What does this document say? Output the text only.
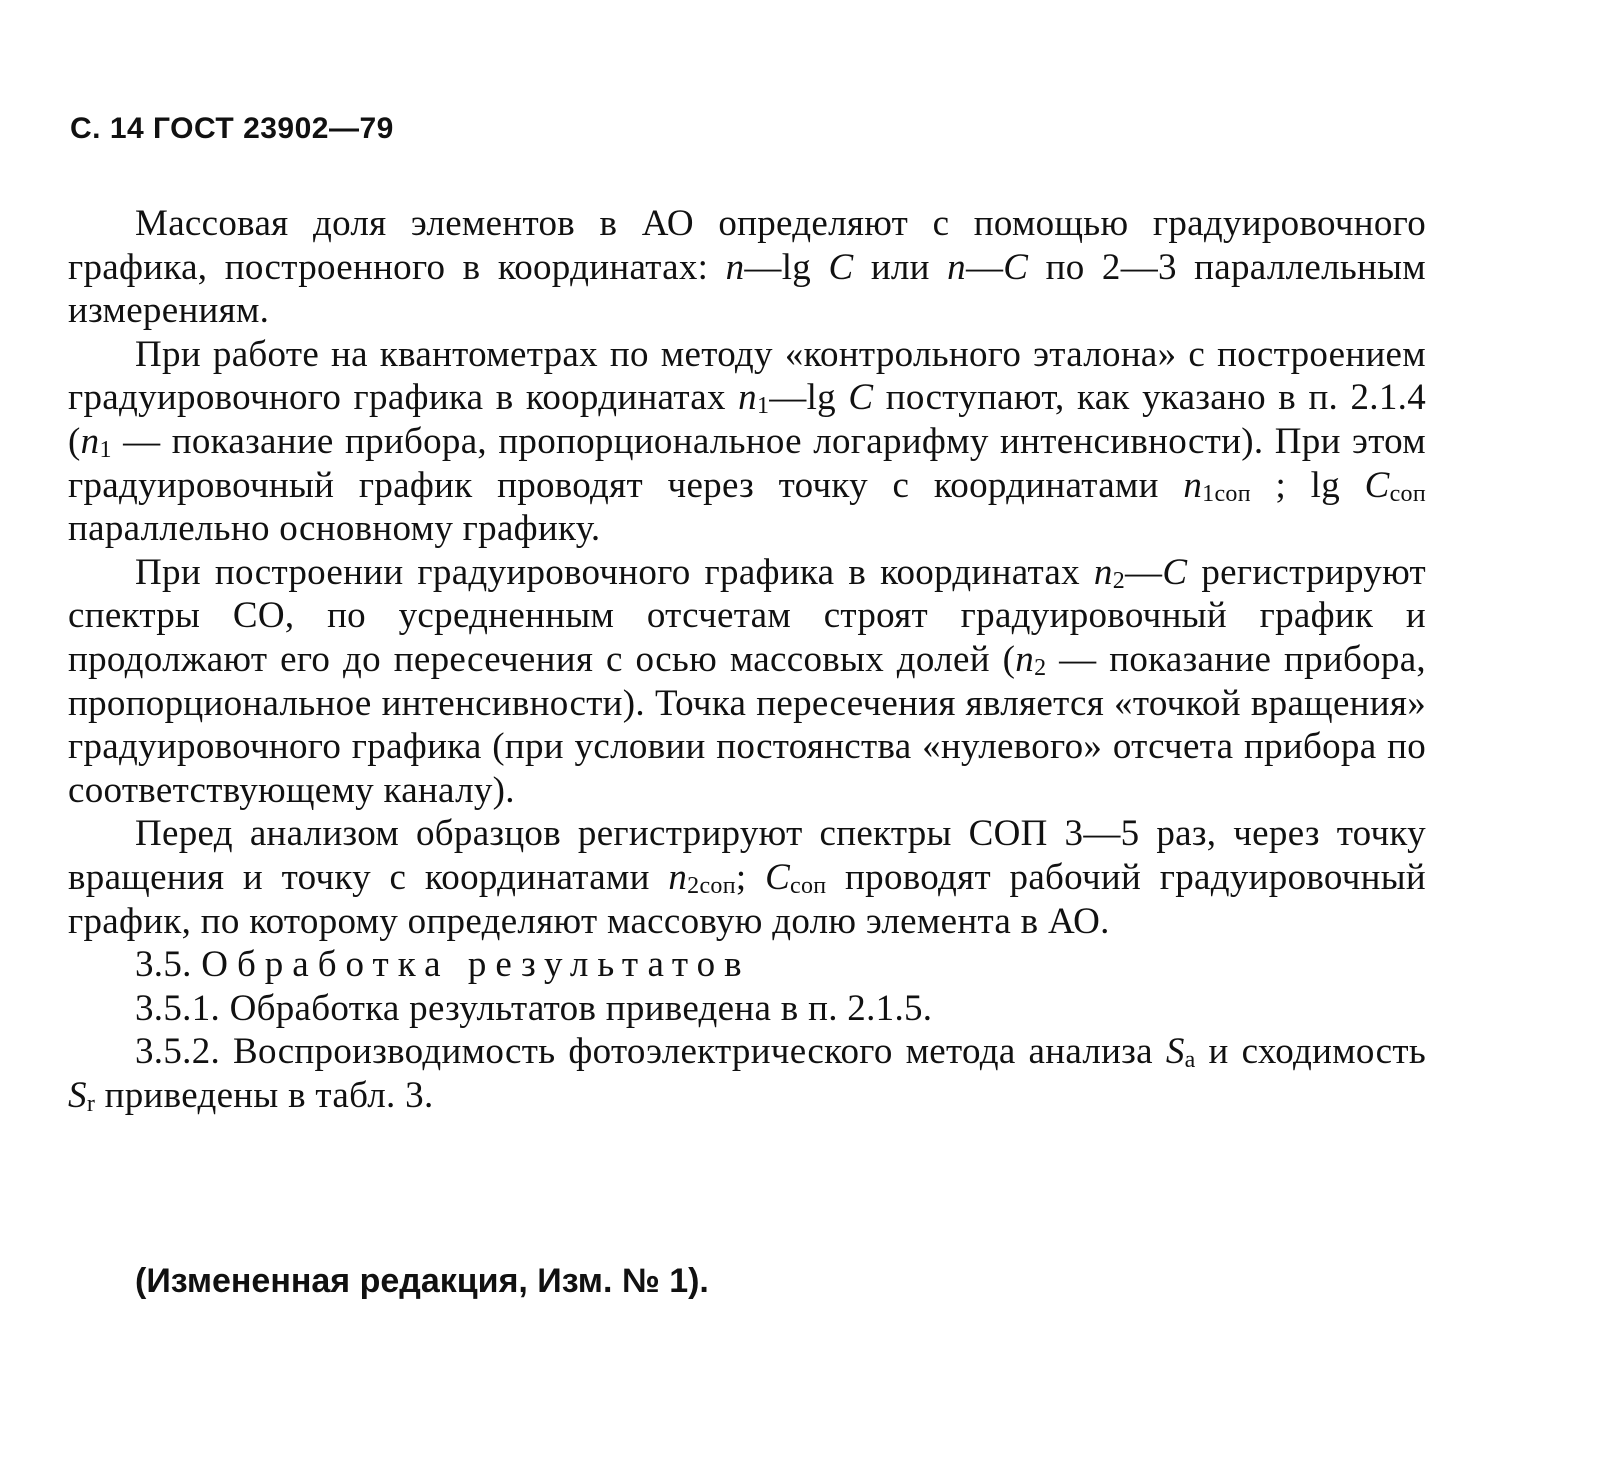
С. 14 ГОСТ 23902—79

Массовая доля элементов в АО определяют с помощью градуировочного графика, построенного в координатах: n—lg C или n—C по 2—3 параллельным измерениям.

При работе на квантометрах по методу «контрольного эталона» с построением градуировочного графика в координатах $n_1—\lg$ C поступают, как указано в п. 2.1.4 ($n_1$ — показание прибора, пропорциональное логарифму интенсивности). При этом градуировочный график проводят через точку с координатами $n_{1соп}$ ; $\lg C_{соп}$ параллельно основному графику.

При построении градуировочного графика в координатах $n_2—C$ регистрируют спектры СО, по усредненным отсчетам строят градуировочный график и продолжают его до пересечения с осью массовых долей ($n_2$ — показание прибора, пропорциональное интенсивности). Точка пересечения является «точкой вращения» градуировочного графика (при условии постоянства «нулевого» отсчета прибора по соответствующему каналу).

Перед анализом образцов регистрируют спектры СОП 3—5 раз, через точку вращения и точку с координатами $n_{2соп}$; $C_{соп}$ проводят рабочий градуировочный график, по которому определяют массовую долю элемента в АО.

3.5. Обработка результатов

3.5.1. Обработка результатов приведена в п. 2.1.5.

3.5.2. Воспроизводимость фотоэлектрического метода анализа $S_a$ и сходимость $S_r$ приведены в табл. 3.

(Измененная редакция, Изм. № 1).
